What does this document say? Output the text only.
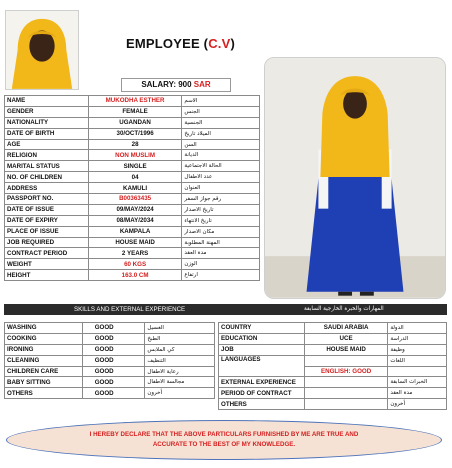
EMPLOYEE (C.V)
SALARY: 900 SAR
NAME	MUKODHA ESTHER	الاسم
GENDER	FEMALE	الجنس
NATIONALITY	UGANDAN	الجنسية
DATE OF BIRTH	30/OCT/1996	الميلاد تاريخ
AGE	28	السن
RELIGION	NON MUSLIM	الديانة
MARITAL STATUS	SINGLE	الحالة الاجتماعية
NO. OF CHILDREN	04	عدد الاطفال
ADDRESS	KAMULI	العنوان
PASSPORT NO.	B00363435	رقم جواز السفر
DATE OF ISSUE	09/MAY/2024	تاريخ الاصدار
DATE OF EXPIRY	08/MAY/2034	تاريخ الانتهاء
PLACE OF ISSUE	KAMPALA	مكان الاصدار
JOB REQUIRED	HOUSE MAID	المهنة المطلوبة
CONTRACT PERIOD	2 YEARS	مدة العقد
WEIGHT	60 KGS	الوزن
HEIGHT	163.0 CM	ارتفاع
SKILLS AND EXTERNAL EXPERIENCE	المهارات والخبرة الخارجية السابقة
WASHING	GOOD	الغسيل
COOKING	GOOD	الطبخ
IRONING	GOOD	كي الملابس
CLEANING	GOOD	التنظيف
CHILDREN CARE	GOOD	رعاية الاطفال
BABY SITTING	GOOD	مجالسة الاطفال
OTHERS	GOOD	أخرون
COUNTRY	SAUDI ARABIA	الدولة
EDUCATION	UCE	الدراسة
JOB	HOUSE MAID	وظيفة
LANGUAGES		اللغات
	ENGLISH: GOOD	
EXTERNAL EXPERIENCE		الخبرات السابقة
PERIOD OF CONTRACT		مدة العقد
OTHERS		أخرون
I HEREBY DECLARE THAT THE ABOVE PARTICULARS FURNISHED BY ME ARE TRUE AND
ACCURATE TO THE BEST OF MY KNOWLEDGE.
